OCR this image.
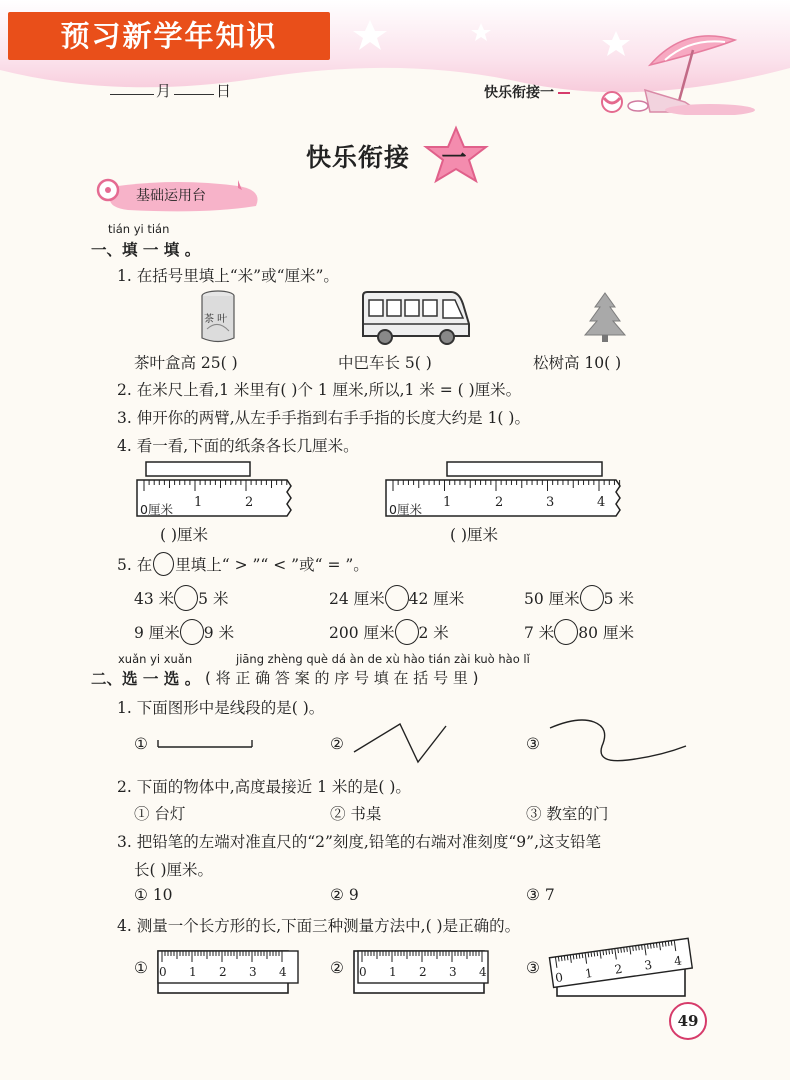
预习新学年知识
月	日	快乐衔接一
快乐衔接	一
基础运用台
tián yi tián
一、填 一 填 。
1. 在括号里填上“米”或“厘米”。
茶 叶
茶叶盒高 25( )	中巴车长 5( )	松树高 10( )
2. 在米尺上看,1 米里有( )个 1 厘米,所以,1 米 = ( )厘米。
3. 伸开你的两臂,从左手手指到右手手指的长度大约是 1( )。
4. 看一看,下面的纸条各长几厘米。
0厘米 1	2	0厘米 1	2	3	4
( )厘米	( )厘米
5. 在 里填上“ > ”“ < ”或“ = ”。
43 米 5 米	24 厘米 42 厘米	50 厘米 5 米
9 厘米 9 米	200 厘米 2 米	7 米 80 厘米
xuǎn yi xuǎn	jiāng zhèng què dá àn de xù hào tián zài kuò hào lǐ
二、选 一 选 。 ( 将 正 确 答 案 的 序 号 填 在 括 号 里 )
1. 下面图形中是线段的是( )。
①	②	③
2. 下面的物体中,高度最接近 1 米的是( )。
① 台灯	② 书桌	③ 教室的门
3. 把铅笔的左端对准直尺的“2”刻度,铅笔的右端对准刻度“9”,这支铅笔
长( )厘米。
① 10	② 9	③ 7
4. 测量一个长方形的长,下面三种测量方法中,( )是正确的。
① 0 1 2 3 4	② 0 1 2 3 4	③
0 1 2 3 4
49
